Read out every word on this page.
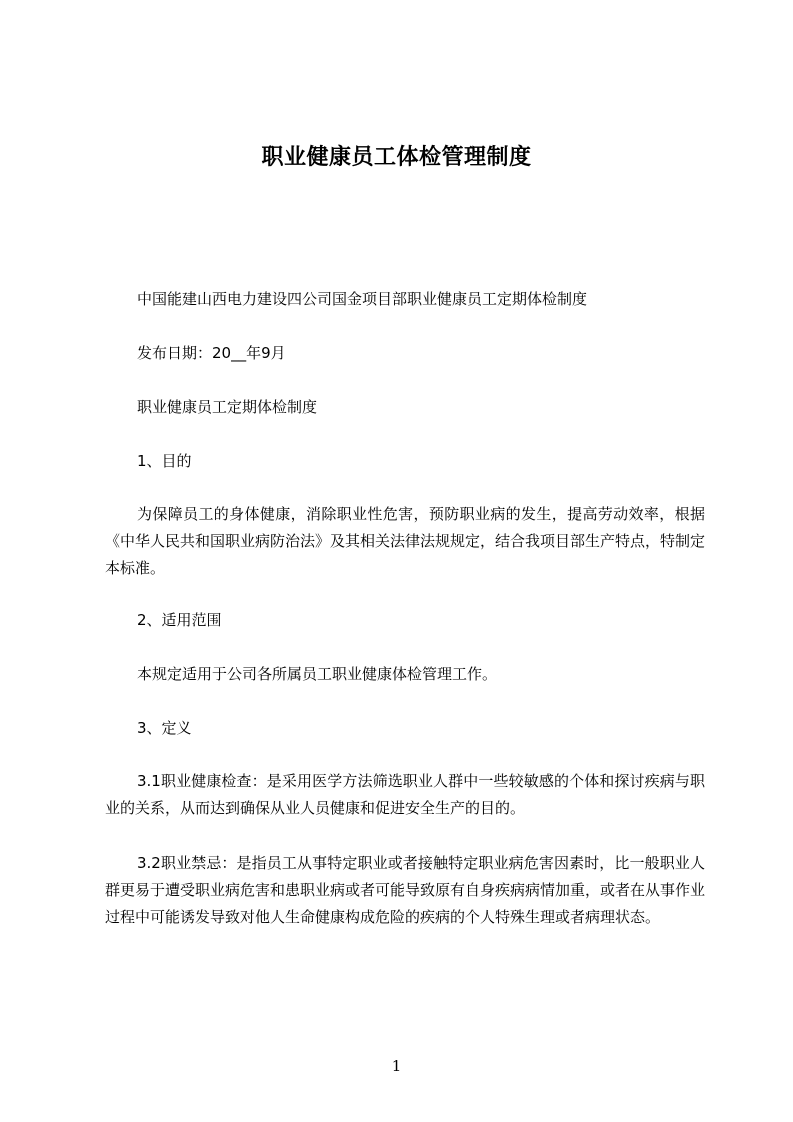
职业健康员工体检管理制度
中国能建山西电力建设四公司国金项目部职业健康员工定期体检制度
发布日期：20__年9月
职业健康员工定期体检制度
1、目的
为保障员工的身体健康，消除职业性危害，预防职业病的发生，提高劳动效率，根据《中华人民共和国职业病防治法》及其相关法律法规规定，结合我项目部生产特点，特制定本标准。
2、适用范围
本规定适用于公司各所属员工职业健康体检管理工作。
3、定义
3.1职业健康检查：是采用医学方法筛选职业人群中一些较敏感的个体和探讨疾病与职业的关系，从而达到确保从业人员健康和促进安全生产的目的。
3.2职业禁忌：是指员工从事特定职业或者接触特定职业病危害因素时，比一般职业人群更易于遭受职业病危害和患职业病或者可能导致原有自身疾病病情加重，或者在从事作业过程中可能诱发导致对他人生命健康构成危险的疾病的个人特殊生理或者病理状态。
1
